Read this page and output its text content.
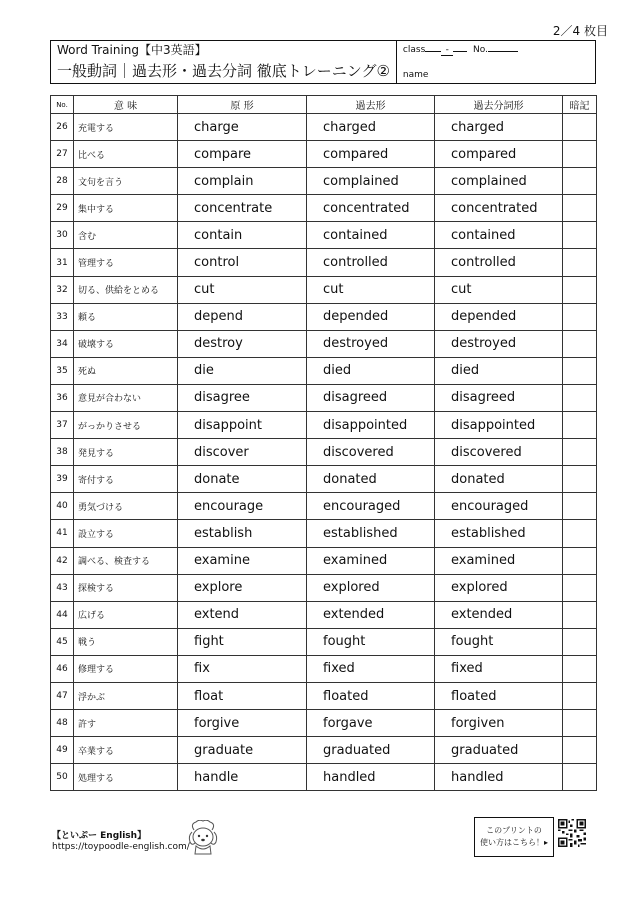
2／4 枚目
Word Training【中3英語】
一般動詞｜過去形・過去分詞 徹底トレーニング②
class -	No.
name
No.	意 味	原 形	過去形	過去分詞形	暗記
26	充電する	charge	charged	charged	
27	比べる	compare	compared	compared	
28	文句を言う	complain	complained	complained	
29	集中する	concentrate	concentrated	concentrated	
30	含む	contain	contained	contained	
31	管理する	control	controlled	controlled	
32	切る、供給をとめる	cut	cut	cut	
33	頼る	depend	depended	depended	
34	破壊する	destroy	destroyed	destroyed	
35	死ぬ	die	died	died	
36	意見が合わない	disagree	disagreed	disagreed	
37	がっかりさせる	disappoint	disappointed	disappointed	
38	発見する	discover	discovered	discovered	
39	寄付する	donate	donated	donated	
40	勇気づける	encourage	encouraged	encouraged	
41	設立する	establish	established	established	
42	調べる、検査する	examine	examined	examined	
43	探検する	explore	explored	explored	
44	広げる	extend	extended	extended	
45	戦う	fight	fought	fought	
46	修理する	fix	fixed	fixed	
47	浮かぶ	float	floated	floated	
48	許す	forgive	forgave	forgiven	
49	卒業する	graduate	graduated	graduated	
50	処理する	handle	handled	handled	
【といぷー English】
https://toypoodle-english.com/
このプリントの
使い方はこちら！▸
